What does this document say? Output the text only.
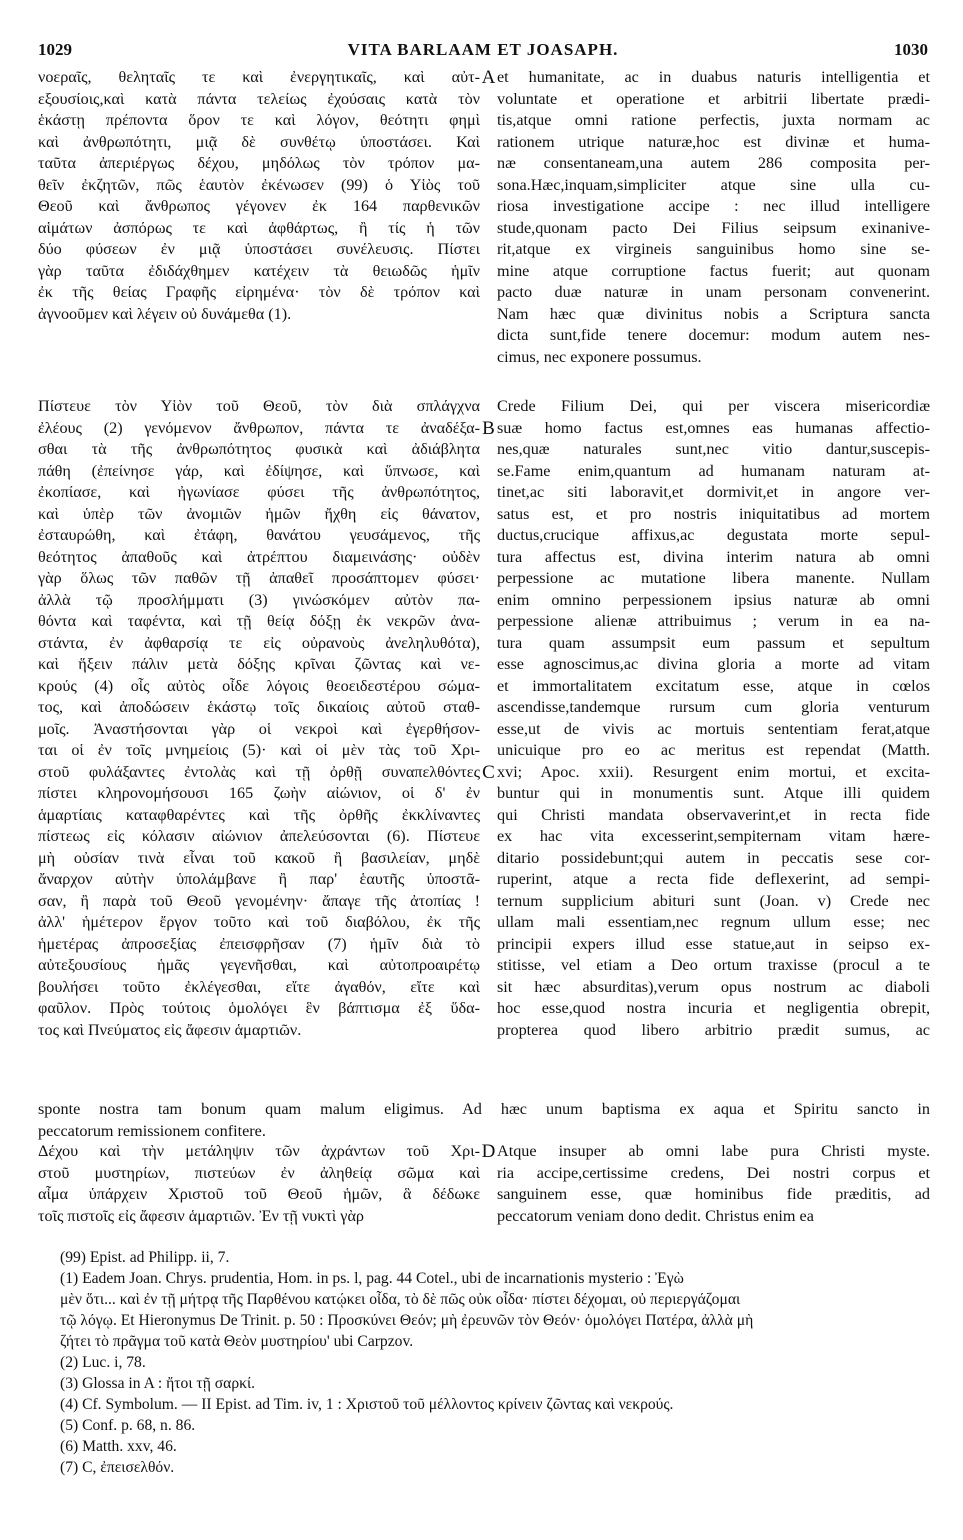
1029	VITA BARLAAM ET JOASAPH.	1030
A
B
C
D
νοεραῖς, θεληταῖς τε καὶ ἐνεργητικαῖς, καὶ αὐτ-
εξουσίοις,καὶ κατὰ πάντα τελείως ἐχούσαις κατὰ τὸν
ἑκάστῃ πρέποντα ὅρον τε καὶ λόγον, θεότητι φημὶ
καὶ ἀνθρωπότητι, μιᾷ δὲ συνθέτῳ ὑποστάσει. Καὶ
ταῦτα ἀπεριέργως δέχου, μηδόλως τὸν τρόπον μα-
θεῖν ἐκζητῶν, πῶς ἑαυτὸν ἐκένωσεν (99) ὁ Υἱὸς τοῦ
Θεοῦ καὶ ἄνθρωπος γέγονεν ἐκ 164 παρθενικῶν
αἱμάτων ἀσπόρως τε καὶ ἀφθάρτως, ἢ τίς ἡ τῶν
δύο φύσεων ἐν μιᾷ ὑποστάσει συνέλευσις. Πίστει
γὰρ ταῦτα ἐδιδάχθημεν κατέχειν τὰ θειωδῶς ἡμῖν
ἐκ τῆς θείας Γραφῆς εἰρημένα· τὸν δὲ τρόπον καὶ
ἀγνοοῦμεν καὶ λέγειν οὐ δυνάμεθα (1).
et humanitate, ac in duabus naturis intelligentia et
voluntate et operatione et arbitrii libertate prædi-
tis,atque omni ratione perfectis, juxta normam ac
rationem utrique naturæ,hoc est divinæ et huma-
næ consentaneam,una autem 286 composita per-
sona.Hæc,inquam,simpliciter atque sine ulla cu-
riosa investigatione accipe : nec illud intelligere
stude,quonam pacto Dei Filius seipsum exinanive-
rit,atque ex virgineis sanguinibus homo sine se-
mine atque corruptione factus fuerit; aut quonam
pacto duæ naturæ in unam personam convenerint.
Nam hæc quæ divinitus nobis a Scriptura sancta
dicta sunt,fide tenere docemur: modum autem nes-
cimus, nec exponere possumus.
Πίστευε τὸν Υἱὸν τοῦ Θεοῦ, τὸν διὰ σπλάγχνα
ἐλέους (2) γενόμενον ἄνθρωπον, πάντα τε ἀναδέξα-
σθαι τὰ τῆς ἀνθρωπότητος φυσικὰ καὶ ἀδιάβλητα
πάθη (ἐπείνησε γάρ, καὶ ἐδίψησε, καὶ ὕπνωσε, καὶ
ἐκοπίασε, καὶ ἠγωνίασε φύσει τῆς ἀνθρωπότητος,
καὶ ὑπὲρ τῶν ἀνομιῶν ἡμῶν ἤχθη εἰς θάνατον,
ἐσταυρώθη, καὶ ἐτάφη, θανάτου γευσάμενος, τῆς
θεότητος ἀπαθοῦς καὶ ἀτρέπτου διαμεινάσης· οὐδὲν
γὰρ ὅλως τῶν παθῶν τῇ ἀπαθεῖ προσάπτομεν φύσει·
ἀλλὰ τῷ προσλήμματι (3) γινώσκόμεν αὐτὸν πα-
θόντα καὶ ταφέντα, καὶ τῇ θείᾳ δόξῃ ἐκ νεκρῶν ἀνα-
στάντα, ἐν ἀφθαρσίᾳ τε εἰς οὐρανοὺς ἀνεληλυθότα),
καὶ ἥξειν πάλιν μετὰ δόξης κρῖναι ζῶντας καὶ νε-
κρούς (4) οἷς αὐτὸς οἶδε λόγοις θεοειδεστέρου σώμα-
τος, καὶ ἀποδώσειν ἑκάστῳ τοῖς δικαίοις αὐτοῦ σταθ-
μοῖς. Ἀναστήσονται γὰρ οἱ νεκροὶ καὶ ἐγερθήσον-
ται οἱ ἐν τοῖς μνημείοις (5)· καὶ οἱ μὲν τὰς τοῦ Χρι-
στοῦ φυλάξαντες ἐντολὰς καὶ τῇ ὀρθῇ συναπελθόντες
πίστει κληρονομήσουσι 165 ζωὴν αἰώνιον, οἱ δ' ἐν
ἁμαρτίαις καταφθαρέντες καὶ τῆς ὀρθῆς ἐκκλίναντες
πίστεως εἰς κόλασιν αἰώνιον ἀπελεύσονται (6). Πίστευε
μὴ οὐσίαν τινὰ εἶναι τοῦ κακοῦ ἢ βασιλείαν, μηδὲ
ἄναρχον αὐτὴν ὑπολάμβανε ἢ παρ' ἑαυτῆς ὑποστᾶ-
σαν, ἢ παρὰ τοῦ Θεοῦ γενομένην· ἄπαγε τῆς ἀτοπίας !
ἀλλ' ἡμέτερον ἔργον τοῦτο καὶ τοῦ διαβόλου, ἐκ τῆς
ἡμετέρας ἀπροσεξίας ἐπεισφρῆσαν (7) ἡμῖν διὰ τὸ
αὐτεξουσίους ἡμᾶς γεγενῆσθαι, καὶ αὐτοπροαιρέτῳ
βουλήσει τοῦτο ἐκλέγεσθαι, εἴτε ἀγαθόν, εἴτε καὶ
φαῦλον. Πρὸς τούτοις ὁμολόγει ἓν βάπτισμα ἐξ ὕδα-
τος καὶ Πνεύματος εἰς ἄφεσιν ἁμαρτιῶν.
Crede Filium Dei, qui per viscera misericordiæ
suæ homo factus est,omnes eas humanas affectio-
nes,quæ naturales sunt,nec vitio dantur,suscepis-
se.Fame enim,quantum ad humanam naturam at-
tinet,ac siti laboravit,et dormivit,et in angore ver-
satus est, et pro nostris iniquitatibus ad mortem
ductus,crucique affixus,ac degustata morte sepul-
tura affectus est, divina interim natura ab omni
perpessione ac mutatione libera manente. Nullam
enim omnino perpessionem ipsius naturæ ab omni
perpessione alienæ attribuimus ; verum in ea na-
tura quam assumpsit eum passum et sepultum
esse agnoscimus,ac divina gloria a morte ad vitam
et immortalitatem excitatum esse, atque in cœlos
ascendisse,tandemque rursum cum gloria venturum
esse,ut de vivis ac mortuis sententiam ferat,atque
unicuique pro eo ac meritus est rependat (Matth.
xvi; Apoc. xxii). Resurgent enim mortui, et excita-
buntur qui in monumentis sunt. Atque illi quidem
qui Christi mandata observaverint,et in recta fide
ex hac vita excesserint,sempiternam vitam hære-
ditario possidebunt;qui autem in peccatis sese cor-
ruperint, atque a recta fide deflexerint, ad sempi-
ternum supplicium abituri sunt (Joan. v) Crede nec
ullam mali essentiam,nec regnum ullum esse; nec
principii expers illud esse statue,aut in seipso ex-
stitisse, vel etiam a Deo ortum traxisse (procul a te
sit hæc absurditas),verum opus nostrum ac diaboli
hoc esse,quod nostra incuria et negligentia obrepit,
propterea quod libero arbitrio prædit sumus, ac
sponte nostra tam bonum quam malum eligimus. Ad hæc unum baptisma ex aqua et Spiritu sancto in
peccatorum remissionem confitere.
Δέχου καὶ τὴν μετάληψιν τῶν ἀχράντων τοῦ Χρι-
στοῦ μυστηρίων, πιστεύων ἐν ἀληθείᾳ σῶμα καὶ
αἷμα ὑπάρχειν Χριστοῦ τοῦ Θεοῦ ἡμῶν, ἃ δέδωκε
τοῖς πιστοῖς εἰς ἄφεσιν ἁμαρτιῶν. Ἐν τῇ νυκτὶ γὰρ
Atque insuper ab omni labe pura Christi myste.
ria accipe,certissime credens, Dei nostri corpus et
sanguinem esse, quæ hominibus fide præditis, ad
peccatorum veniam dono dedit. Christus enim ea
(99) Epist. ad Philipp. ii, 7.
(1) Eadem Joan. Chrys. prudentia, Hom. in ps. l, pag. 44 Cotel., ubi de incarnationis mysterio : Ἐγὼ
μὲν ὅτι... καὶ ἐν τῇ μήτρᾳ τῆς Παρθένου κατῴκει οἶδα, τὸ δὲ πῶς οὐκ οἶδα· πίστει δέχομαι, οὐ περιεργάζομαι
τῷ λόγῳ. Et Hieronymus De Trinit. p. 50 : Προσκύνει Θεόν; μὴ ἐρευνῶν τὸν Θεόν· ὁμολόγει Πατέρα, ἀλλὰ μὴ
ζήτει τὸ πρᾶγμα τοῦ κατὰ Θεὸν μυστηρίου' ubi Carpzov.
(2) Luc. i, 78.
(3) Glossa in A : ἤτοι τῇ σαρκί.
(4) Cf. Symbolum. — II Epist. ad Tim. iv, 1 : Χριστοῦ τοῦ μέλλοντος κρίνειν ζῶντας καὶ νεκρούς.
(5) Conf. p. 68, n. 86.
(6) Matth. xxv, 46.
(7) C, ἐπεισελθόν.
